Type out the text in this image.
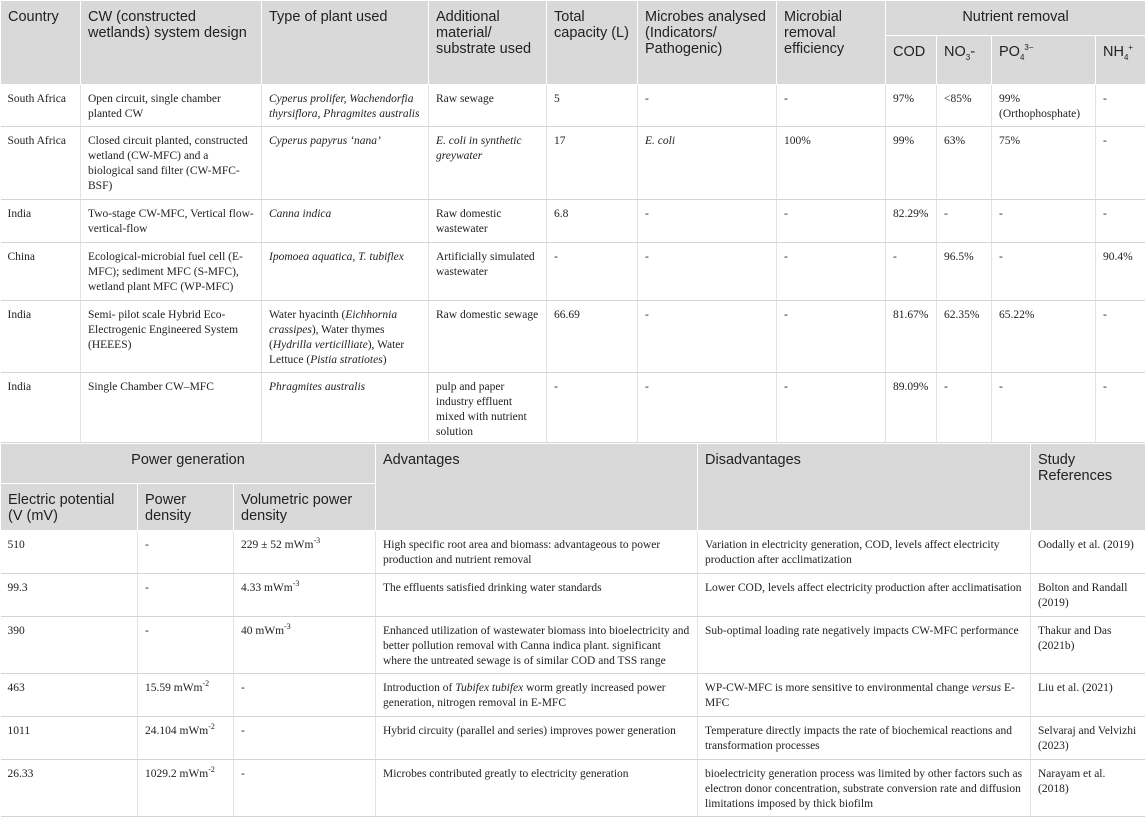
Country	CW (constructed wetlands) system design	Type of plant used	Additional material/ substrate used	Total capacity (L)	Microbes analysed (Indicators/ Pathogenic)	Microbial removal efficiency	Nutrient removal			
							COD	$NO_3-$	$PO_4^{3-}$	$NH_4^+$
South Africa	Open circuit, single chamber planted CW	Cyperus prolifer, Wachendorfia thyrsiflora, Phragmites australis	Raw sewage	5	-	-	97%	<85%	99% (Orthophosphate)	-
South Africa	Closed circuit planted, constructed wetland (CW-MFC) and a biological sand filter (CW-MFC-BSF)	Cyperus papyrus ‘nana’	E. coli in synthetic greywater	17	E. coli	100%	99%	63%	75%	-
India	Two-stage CW-MFC, Vertical flow-vertical-flow	Canna indica	Raw domestic wastewater	6.8	-	-	82.29%	-	-	-
China	Ecological-microbial fuel cell (E-MFC); sediment MFC (S-MFC), wetland plant MFC (WP-MFC)	Ipomoea aquatica, T. tubiflex	Artificially simulated wastewater	-	-	-	-	96.5%	-	90.4%
India	Semi- pilot scale Hybrid Eco-Electrogenic Engineered System (HEEES)	Water hyacinth (Eichhornia crassipes), Water thymes (Hydrilla verticilliate), Water Lettuce (Pistia stratiotes)	Raw domestic sewage	66.69	-	-	81.67%	62.35%	65.22%	-
India	Single Chamber CW–MFC	Phragmites australis	pulp and paper industry effluent mixed with nutrient solution	-	-	-	89.09%	-	-	-
Power generation			Advantages	Disadvantages	Study References
Electric potential (V (mV)	Power density	Volumetric power density			
510	-	229 ± 52 mWm$^{-3}$	High specific root area and biomass: advantageous to power production and nutrient removal	Variation in electricity generation, COD, levels affect electricity production after acclimatization	Oodally et al. (2019)
99.3	-	4.33 mWm$^{-3}$	The effluents satisfied drinking water standards	Lower COD, levels affect electricity production after acclimatisation	Bolton and Randall (2019)
390	-	40 mWm$^{-3}$	Enhanced utilization of wastewater biomass into bioelectricity and better pollution removal with Canna indica plant. significant where the untreated sewage is of similar COD and TSS range	Sub-optimal loading rate negatively impacts CW-MFC performance	Thakur and Das (2021b)
463	15.59 mWm$^{-2}$	-	Introduction of Tubifex tubifex worm greatly increased power generation, nitrogen removal in E-MFC	WP-CW-MFC is more sensitive to environmental change versus E-MFC	Liu et al. (2021)
1011	24.104 mWm$^{-2}$	-	Hybrid circuity (parallel and series) improves power generation	Temperature directly impacts the rate of biochemical reactions and transformation processes	Selvaraj and Velvizhi (2023)
26.33	1029.2 mWm$^{-2}$	-	Microbes contributed greatly to electricity generation	bioelectricity generation process was limited by other factors such as electron donor concentration, substrate conversion rate and diffusion limitations imposed by thick biofilm	Narayam et al. (2018)
